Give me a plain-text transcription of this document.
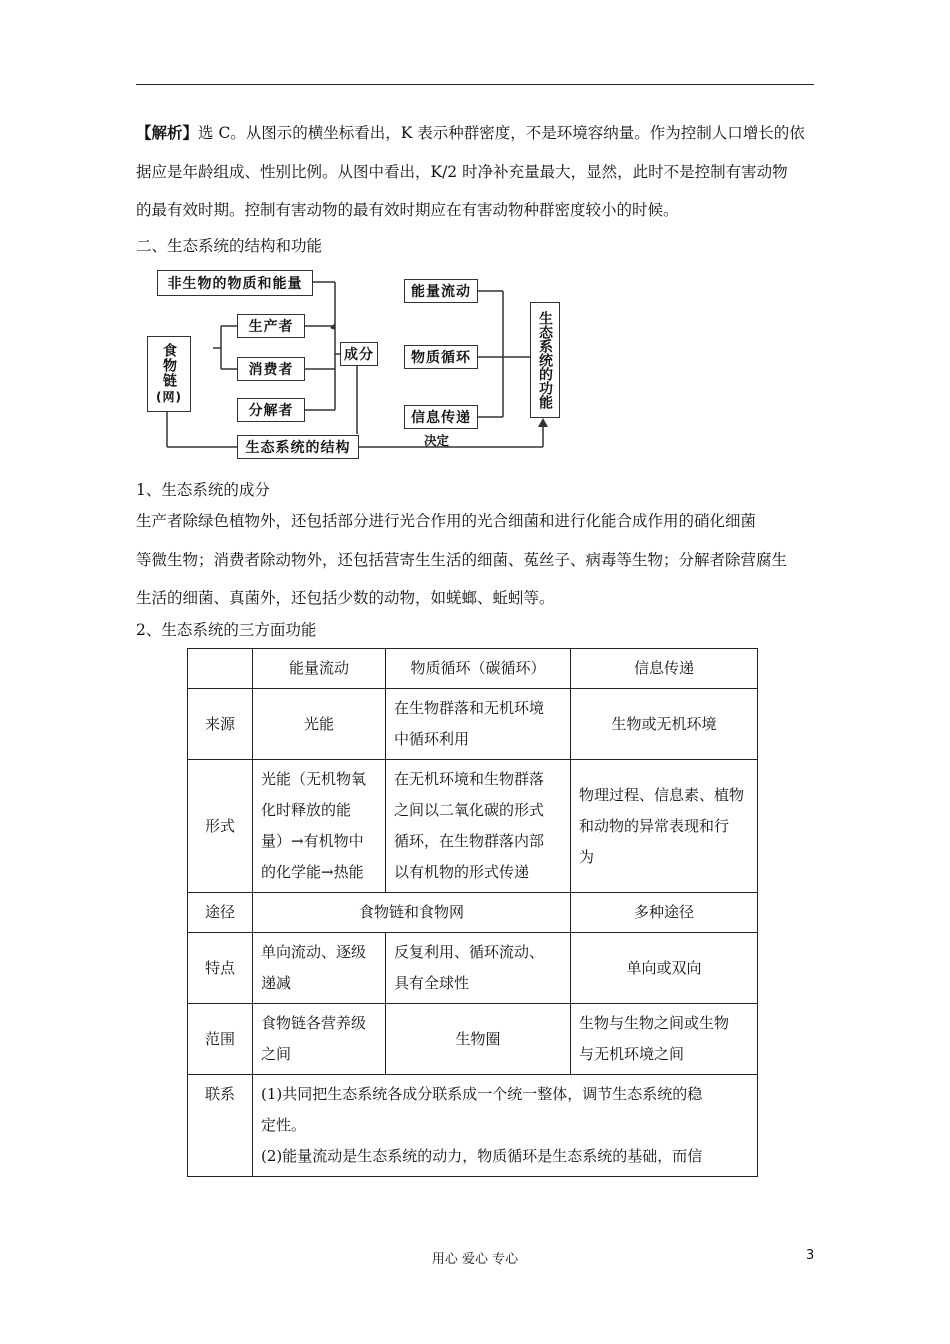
【解析】选 C。从图示的横坐标看出，K 表示种群密度，不是环境容纳量。作为控制人口增长的依
据应是年龄组成、性别比例。从图中看出，K/2 时净补充量最大，显然，此时不是控制有害动物
的最有效时期。控制有害动物的最有效时期应在有害动物种群密度较小的时候。

二、生态系统的结构和功能

非生物的物质和能量
生产者
消费者
分解者
食物链
(网)
成分
生态系统的结构
能量流动
物质循环
信息传递
生态系统的功能
决定

1、生态系统的成分

生产者除绿色植物外，还包括部分进行光合作用的光合细菌和进行化能合成作用的硝化细菌
等微生物；消费者除动物外，还包括营寄生生活的细菌、菟丝子、病毒等生物；分解者除营腐生
生活的细菌、真菌外，还包括少数的动物，如蜣螂、蚯蚓等。

2、生态系统的三方面功能

	能量流动	物质循环（碳循环）	信息传递
来源	光能	在生物群落和无机环境
中循环利用	生物或无机环境
形式	光能（无机物氧
化时释放的能
量）→有机物中
的化学能→热能	在无机环境和生物群落
之间以二氧化碳的形式
循环，在生物群落内部
以有机物的形式传递	物理过程、信息素、植物
和动物的异常表现和行
为
途径	食物链和食物网		多种途径
特点	单向流动、逐级
递减	反复利用、循环流动、
具有全球性	单向或双向
范围	食物链各营养级
之间	生物圈	生物与生物之间或生物
与无机环境之间
联系	(1)共同把生态系统各成分联系成一个统一整体，调节生态系统的稳
定性。
(2)能量流动是生态系统的动力，物质循环是生态系统的基础，而信		
用心 爱心 专心	3
